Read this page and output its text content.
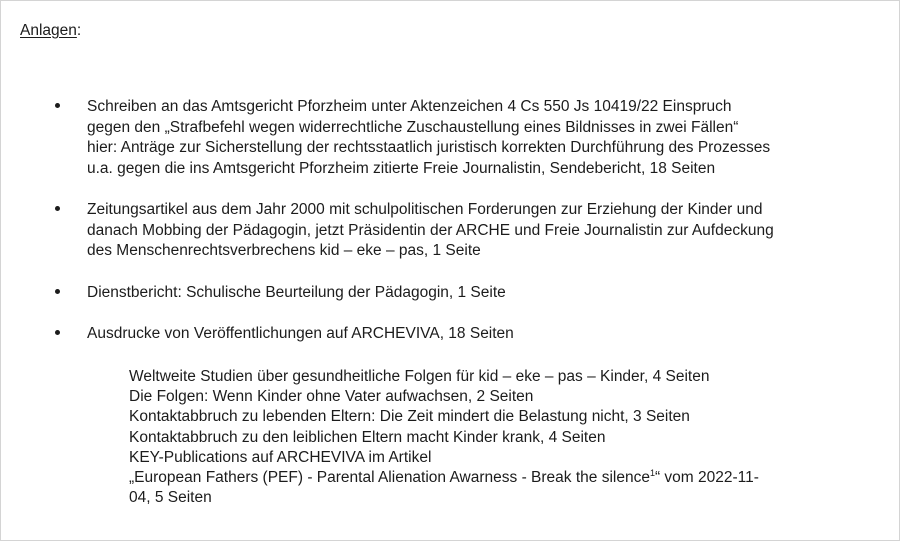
Anlagen:
Schreiben an das Amtsgericht Pforzheim unter Aktenzeichen 4 Cs 550 Js 10419/22 Einspruch
gegen den „Strafbefehl wegen widerrechtliche Zuschaustellung eines Bildnisses in zwei Fällen“
hier: Anträge zur Sicherstellung der rechtsstaatlich juristisch korrekten Durchführung des Prozesses
u.a. gegen die ins Amtsgericht Pforzheim zitierte Freie Journalistin, Sendebericht, 18 Seiten
Zeitungsartikel aus dem Jahr 2000 mit schulpolitischen Forderungen zur Erziehung der Kinder und
danach Mobbing der Pädagogin, jetzt Präsidentin der ARCHE und Freie Journalistin zur Aufdeckung
des Menschenrechtsverbrechens kid – eke – pas, 1 Seite
Dienstbericht: Schulische Beurteilung der Pädagogin, 1 Seite
Ausdrucke von Veröffentlichungen auf ARCHEVIVA, 18 Seiten
Weltweite Studien über gesundheitliche Folgen für kid – eke – pas – Kinder, 4 Seiten
Die Folgen: Wenn Kinder ohne Vater aufwachsen, 2 Seiten
Kontaktabbruch zu lebenden Eltern: Die Zeit mindert die Belastung nicht, 3 Seiten
Kontaktabbruch zu den leiblichen Eltern macht Kinder krank, 4 Seiten
KEY-Publications auf ARCHEVIVA im Artikel
„European Fathers (PEF) - Parental Alienation Awarness - Break the silence$^1$“ vom 2022-11-
04, 5 Seiten
